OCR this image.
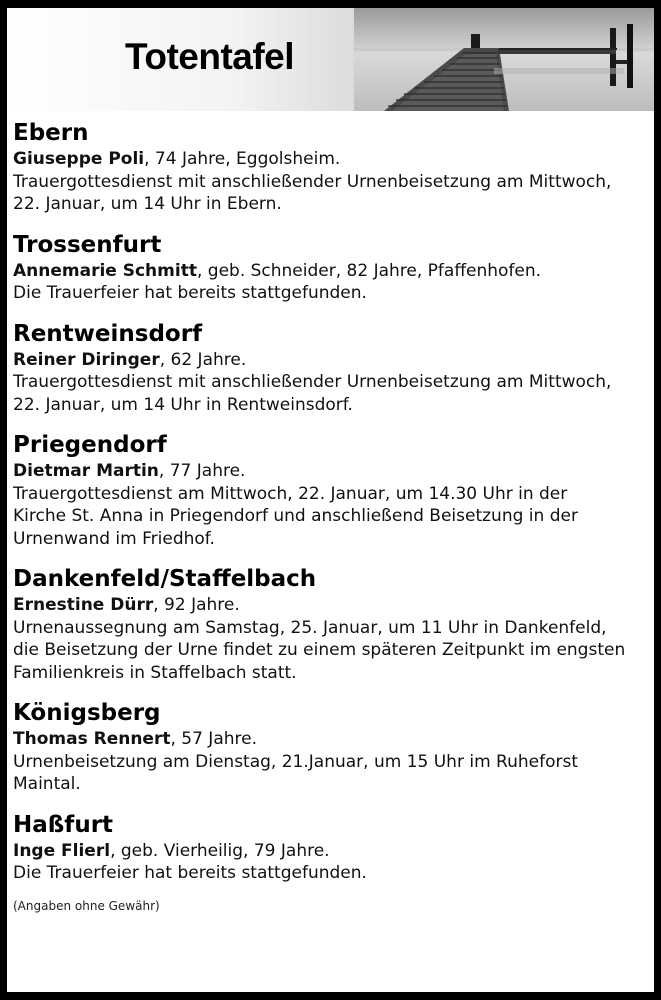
Totentafel
Ebern
Giuseppe Poli, 74 Jahre, Eggolsheim.
Trauergottesdienst mit anschließender Urnenbeisetzung am Mittwoch,
22. Januar, um 14 Uhr in Ebern.
Trossenfurt
Annemarie Schmitt, geb. Schneider, 82 Jahre, Pfaffenhofen.
Die Trauerfeier hat bereits stattgefunden.
Rentweinsdorf
Reiner Diringer, 62 Jahre.
Trauergottesdienst mit anschließender Urnenbeisetzung am Mittwoch,
22. Januar, um 14 Uhr in Rentweinsdorf.
Priegendorf
Dietmar Martin, 77 Jahre.
Trauergottesdienst am Mittwoch, 22. Januar, um 14.30 Uhr in der
Kirche St. Anna in Priegendorf und anschließend Beisetzung in der
Urnenwand im Friedhof.
Dankenfeld/Staffelbach
Ernestine Dürr, 92 Jahre.
Urnenaussegnung am Samstag, 25. Januar, um 11 Uhr in Dankenfeld,
die Beisetzung der Urne findet zu einem späteren Zeitpunkt im engsten
Familienkreis in Staffelbach statt.
Königsberg
Thomas Rennert, 57 Jahre.
Urnenbeisetzung am Dienstag, 21.Januar, um 15 Uhr im Ruheforst
Maintal.
Haßfurt
Inge Flierl, geb. Vierheilig, 79 Jahre.
Die Trauerfeier hat bereits stattgefunden.
(Angaben ohne Gewähr)
